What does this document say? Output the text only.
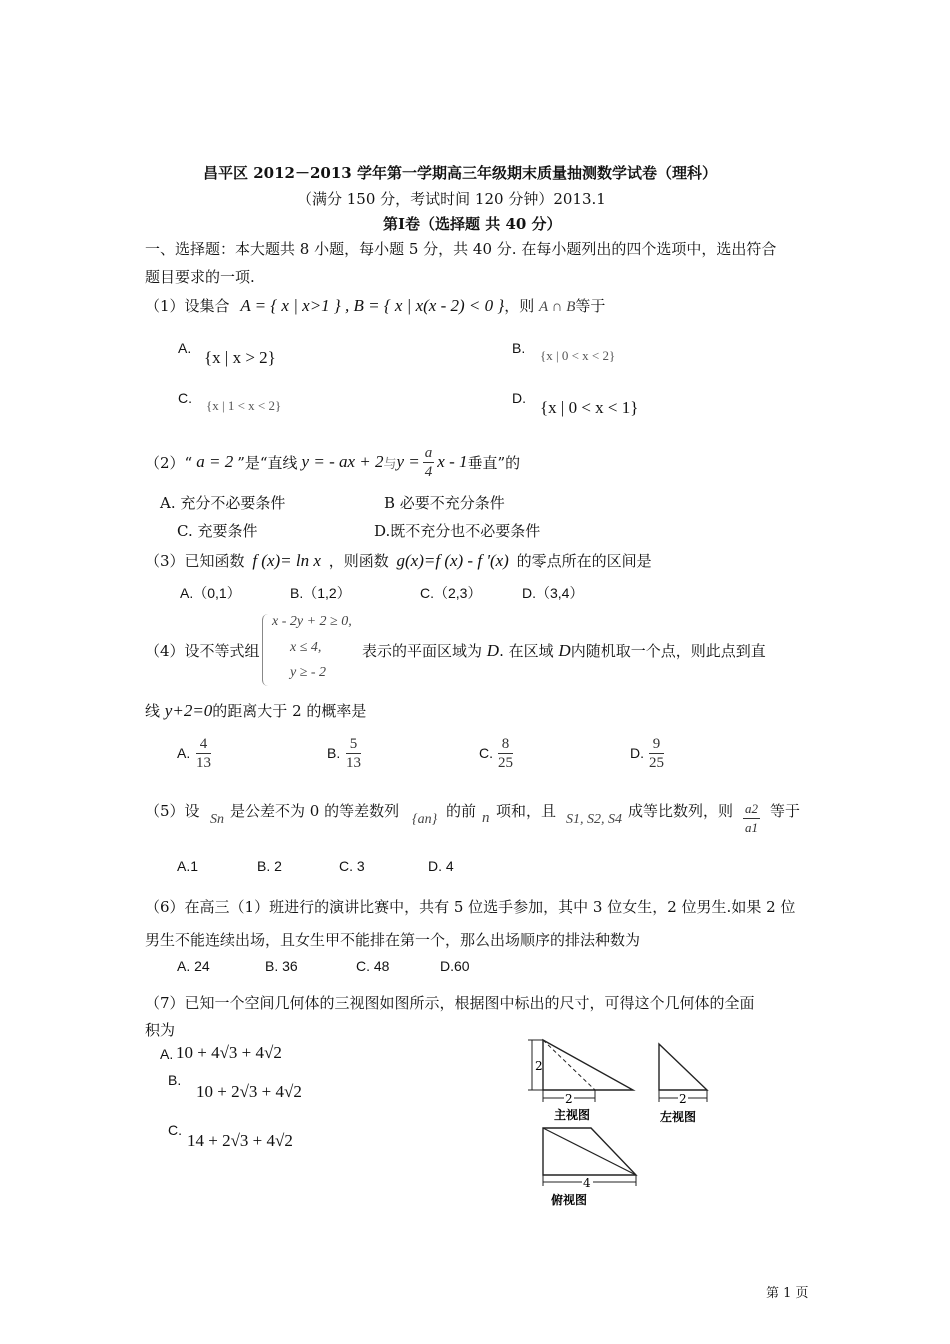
昌平区 2012－2013 学年第一学期高三年级期末质量抽测数学试卷（理科）
（满分 150 分，考试时间 120 分钟）2013.1
第Ⅰ卷（选择题 共 40 分）
一、选择题：本大题共 8 小题，每小题 5 分，共 40 分. 在每小题列出的四个选项中，选出符合
题目要求的一项.
（1）设集合 A = { x | x>1 } , B = { x | x(x - 2) < 0 }，则 A ∩ B等于
A. {x | x > 2}	B. {x | 0 < x < 2}
C. {x | 1 < x < 2}	D. {x | 0 < x < 1}
（2）“ a = 2 ”是“直线 y = - ax + 2 与 $y = \frac{a}{4}$ x - 1 垂直”的
A. 充分不必要条件	B 必要不充分条件
C. 充要条件	D.既不充分也不必要条件
（3）已知函数 f (x)= ln x ，则函数 g(x)=f (x) - f '(x) 的零点所在的区间是
A.（0,1）	B.（1,2）	C.（2,3）	D.（3,4）
（4）设不等式组
x - 2y + 2 ≥ 0,
x ≤ 4,
y ≥ - 2
表示的平面区域为 D. 在区域 D内随机取一个点，则此点到直
线 y+2=0的距离大于 2 的概率是
A. $\frac{4}{13}$	B. $\frac{5}{13}$	C. $\frac{8}{25}$	D. $\frac{9}{25}$
（5）设 Sn 是公差不为 0 的等差数列 {an} 的前 n 项和，且 S1, S2, S4 成等比数列，则 $\frac{a2}{a1}$ 等于
A.1	B. 2	C. 3	D. 4
（6）在高三（1）班进行的演讲比赛中，共有 5 位选手参加，其中 3 位女生，2 位男生.如果 2 位
男生不能连续出场，且女生甲不能排在第一个，那么出场顺序的排法种数为
A. 24	B. 36	C. 48	D.60
（7）已知一个空间几何体的三视图如图所示，根据图中标出的尺寸，可得这个几何体的全面
积为
A. 10 + 4√3 + 4√2
B.
10 + 2√3 + 4√2
C.
14 + 2√3 + 4√2
2
2
主视图
2
左视图
4
俯视图
第 1 页
